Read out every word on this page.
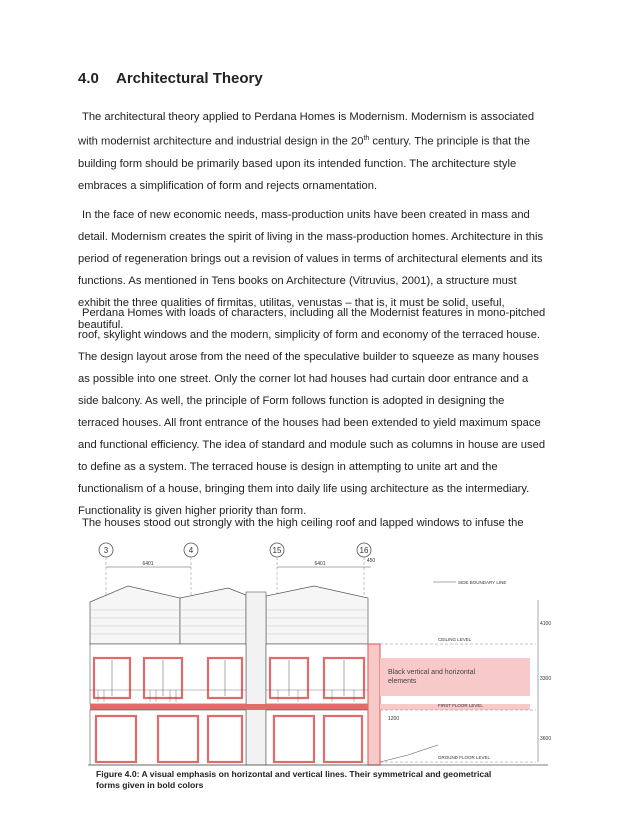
4.0 Architectural Theory

The architectural theory applied to Perdana Homes is Modernism. Modernism is associated with modernist architecture and industrial design in the 20th century. The principle is that the building form should be primarily based upon its intended function. The architecture style embraces a simplification of form and rejects ornamentation.

In the face of new economic needs, mass-production units have been created in mass and detail. Modernism creates the spirit of living in the mass-production homes. Architecture in this period of regeneration brings out a revision of values in terms of architectural elements and its functions. As mentioned in Tens books on Architecture (Vitruvius, 2001), a structure must exhibit the three qualities of firmitas, utilitas, venustas – that is, it must be solid, useful, beautiful.

Perdana Homes with loads of characters, including all the Modernist features in mono-pitched roof, skylight windows and the modern, simplicity of form and economy of the terraced house. The design layout arose from the need of the speculative builder to squeeze as many houses as possible into one street. Only the corner lot had houses had curtain door entrance and a side balcony. As well, the principle of Form follows function is adopted in designing the terraced houses. All front entrance of the houses had been extended to yield maximum space and functional efficiency. The idea of standard and module such as columns in house are used to define as a system. The terraced house is design in attempting to unite art and the functionalism of a house, bringing them into daily life using architecture as the intermediary. Functionality is given higher priority than form.

The houses stood out strongly with the high ceiling roof and lapped windows to infuse the

3	4	15	16
6401	6401	450
SIDE BOUNDARY LINE
Black vertical and horizontal
elements
CEILING LEVEL
FIRST FLOOR LEVEL
GROUND FLOOR LEVEL
4100
3300
3600
1200

Figure 4.0: A visual emphasis on horizontal and vertical lines. Their symmetrical and geometrical
forms given in bold colors
